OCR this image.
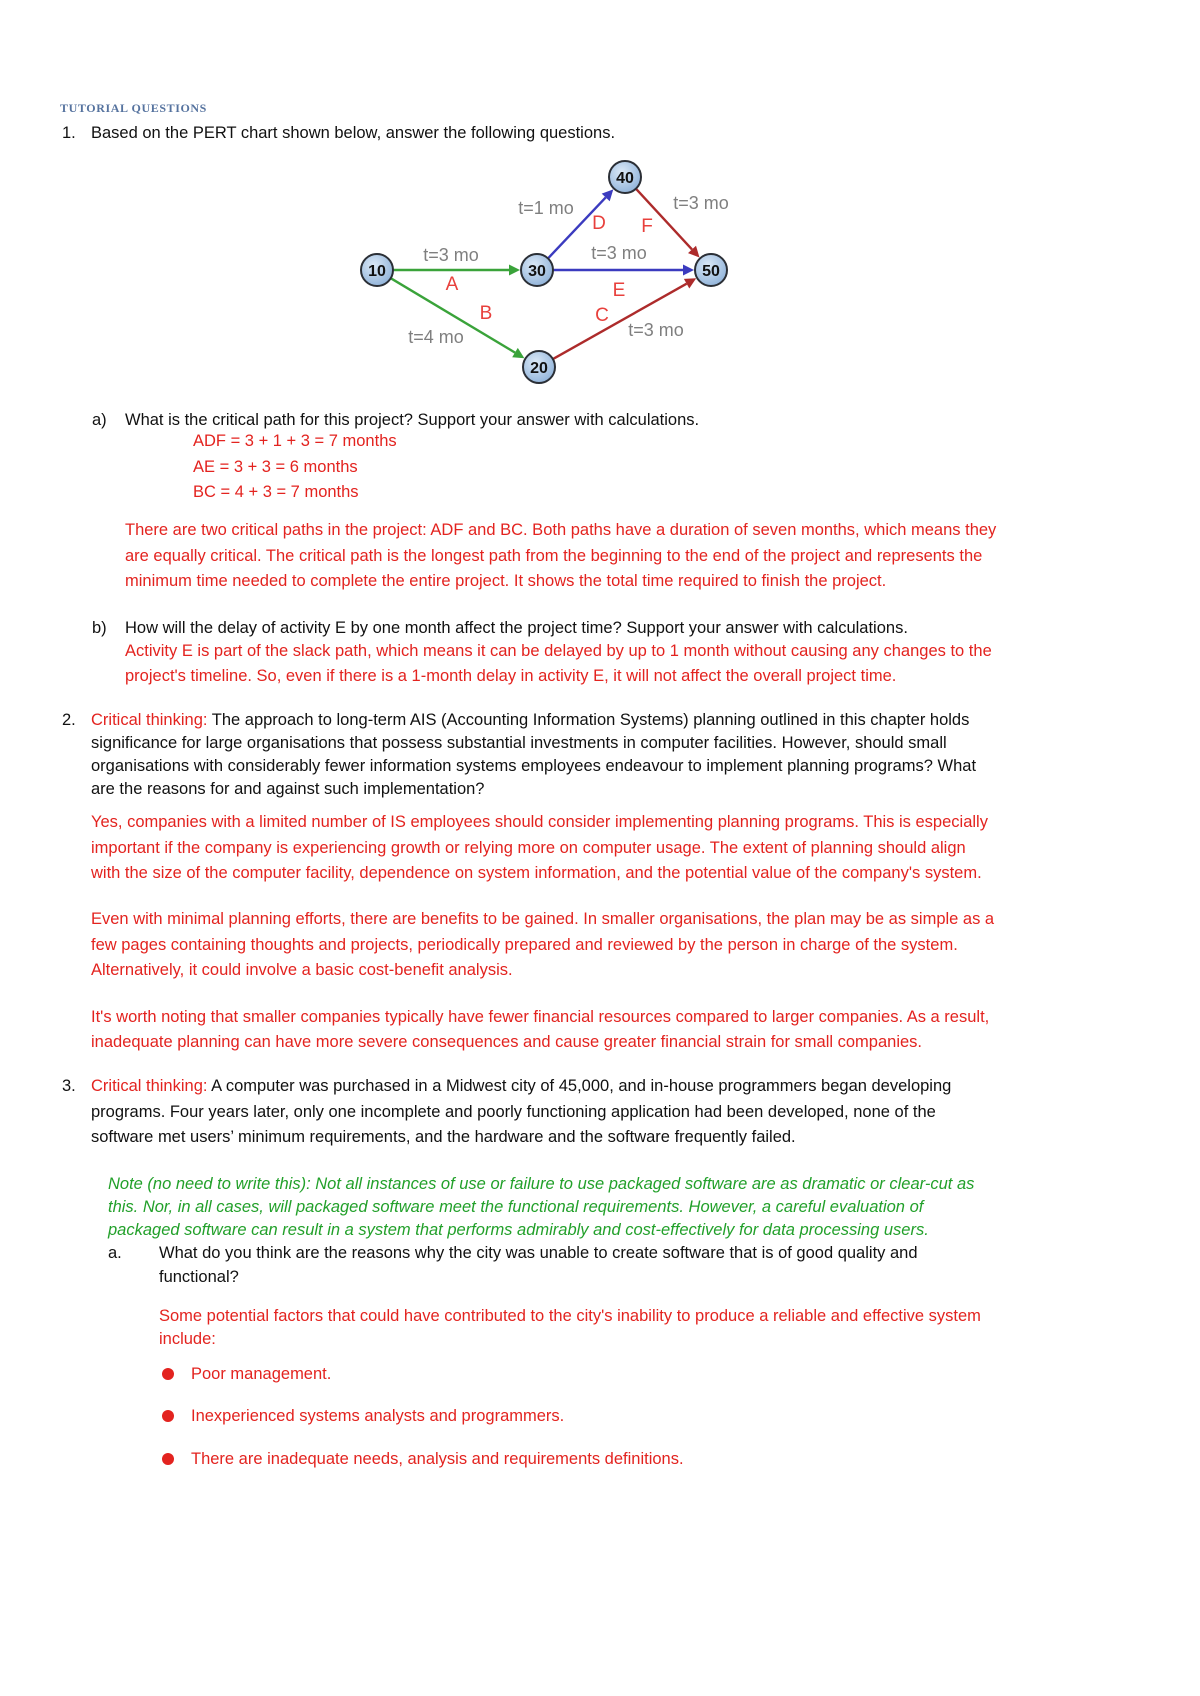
TUTORIAL QUESTIONS
1. Based on the PERT chart shown below, answer the following questions.
t=3 mo
t=4 mo	t=3 mo
t=1 mo
t=3 mo
t=3 mo
A
B	C
D
E
F
10
20
30
40
50
a) What is the critical path for this project? Support your answer with calculations.
ADF = 3 + 1 + 3 = 7 months
AE = 3 + 3 = 6 months
BC = 4 + 3 = 7 months
There are two critical paths in the project: ADF and BC. Both paths have a duration of seven months, which means they
are equally critical. The critical path is the longest path from the beginning to the end of the project and represents the
minimum time needed to complete the entire project. It shows the total time required to finish the project.
b) How will the delay of activity E by one month affect the project time? Support your answer with calculations.
Activity E is part of the slack path, which means it can be delayed by up to 1 month without causing any changes to the
project's timeline. So, even if there is a 1-month delay in activity E, it will not affect the overall project time.
2. Critical thinking: The approach to long-term AIS (Accounting Information Systems) planning outlined in this chapter holds
significance for large organisations that possess substantial investments in computer facilities. However, should small
organisations with considerably fewer information systems employees endeavour to implement planning programs? What
are the reasons for and against such implementation?
Yes, companies with a limited number of IS employees should consider implementing planning programs. This is especially
important if the company is experiencing growth or relying more on computer usage. The extent of planning should align
with the size of the computer facility, dependence on system information, and the potential value of the company's system.
Even with minimal planning efforts, there are benefits to be gained. In smaller organisations, the plan may be as simple as a
few pages containing thoughts and projects, periodically prepared and reviewed by the person in charge of the system.
Alternatively, it could involve a basic cost-benefit analysis.
It's worth noting that smaller companies typically have fewer financial resources compared to larger companies. As a result,
inadequate planning can have more severe consequences and cause greater financial strain for small companies.
3. Critical thinking: A computer was purchased in a Midwest city of 45,000, and in-house programmers began developing
programs. Four years later, only one incomplete and poorly functioning application had been developed, none of the
software met users’ minimum requirements, and the hardware and the software frequently failed.
Note (no need to write this): Not all instances of use or failure to use packaged software are as dramatic or clear-cut as
this. Nor, in all cases, will packaged software meet the functional requirements. However, a careful evaluation of
packaged software can result in a system that performs admirably and cost-effectively for data processing users.
a. What do you think are the reasons why the city was unable to create software that is of good quality and
functional?
Some potential factors that could have contributed to the city's inability to produce a reliable and effective system
include:
Poor management.
Inexperienced systems analysts and programmers.
There are inadequate needs, analysis and requirements definitions.
